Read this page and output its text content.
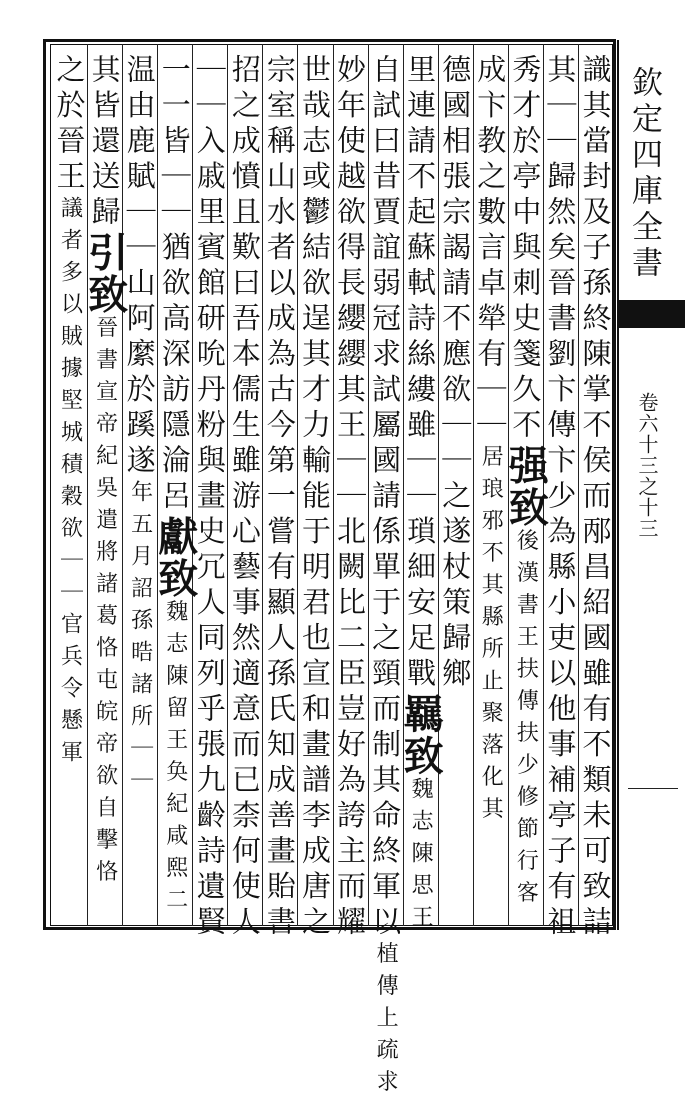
欽定四庫全書
卷六十三之十三
識其當封及子孫終陳掌不侯而邴昌紹國雖有不類未可致詰
其｜｜歸然矣晉書劉卞傳卞少為縣小吏以他事補亭子有祖
秀才於亭中與刺史箋久不强致後漢書王扶傳扶少修節行客
成卞教之數言卓犖有｜｜居琅邪不其縣所止聚落化其
德國相張宗謁請不應欲｜｜之遂杖策歸鄉
里連請不起蘇軾詩絲縷雖｜｜瑣細安足戰羈致魏志陳思王
自試曰昔賈誼弱冠求試屬國請係單于之頸而制其命終軍以植傳上疏求
妙年使越欲得長纓纓其王｜｜北闕比二臣豈好為誇主而耀
世哉志或鬱結欲逞其才力輸能于明君也宣和畫譜李成唐之
宗室稱山水者以成為古今第一嘗有顯人孫氏知成善畫貽書
招之成憤且歎曰吾本儒生雖游心藝事然適意而已柰何使人
｜｜入戚里賓館研吮丹粉與畫史冗人同列乎張九齡詩遺賢
一一皆｜｜猶欲高深訪隱淪呂獻致魏志陳留王奂紀咸熙二
温由鹿賦｜｜山阿縻於蹊遂年五月詔孫晧諸所｜｜
其皆還送歸引致晉書宣帝紀吳遣將諸葛恪屯皖帝欲自擊恪
之於晉王議者多以賊據堅城積穀欲｜｜官兵令懸軍
